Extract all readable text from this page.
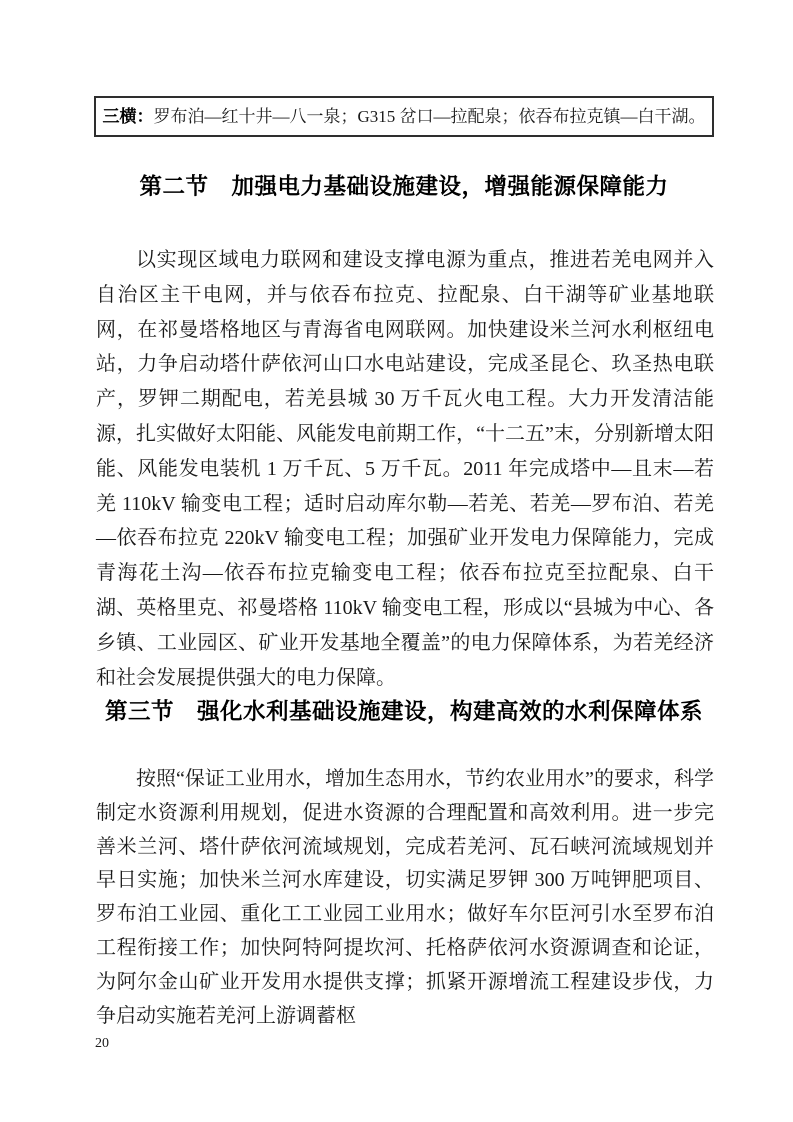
三横：罗布泊—红十井—八一泉；G315 岔口—拉配泉；依吞布拉克镇—白干湖。
第二节　加强电力基础设施建设，增强能源保障能力

以实现区域电力联网和建设支撑电源为重点，推进若羌电网并入自治区主干电网，并与依吞布拉克、拉配泉、白干湖等矿业基地联网，在祁曼塔格地区与青海省电网联网。加快建设米兰河水利枢纽电站，力争启动塔什萨依河山口水电站建设，完成圣昆仑、玖圣热电联产，罗钾二期配电，若羌县城 30 万千瓦火电工程。大力开发清洁能源，扎实做好太阳能、风能发电前期工作，“十二五”末，分别新增太阳能、风能发电装机 1 万千瓦、5 万千瓦。2011 年完成塔中—且末—若羌 110kV 输变电工程；适时启动库尔勒—若羌、若羌—罗布泊、若羌—依吞布拉克 220kV 输变电工程；加强矿业开发电力保障能力，完成青海花土沟—依吞布拉克输变电工程；依吞布拉克至拉配泉、白干湖、英格里克、祁曼塔格 110kV 输变电工程，形成以“县城为中心、各乡镇、工业园区、矿业开发基地全覆盖”的电力保障体系，为若羌经济和社会发展提供强大的电力保障。

第三节　强化水利基础设施建设，构建高效的水利保障体系

按照“保证工业用水，增加生态用水，节约农业用水”的要求，科学制定水资源利用规划，促进水资源的合理配置和高效利用。进一步完善米兰河、塔什萨依河流域规划，完成若羌河、瓦石峡河流域规划并早日实施；加快米兰河水库建设，切实满足罗钾 300 万吨钾肥项目、罗布泊工业园、重化工工业园工业用水；做好车尔臣河引水至罗布泊工程衔接工作；加快阿特阿提坎河、托格萨依河水资源调查和论证，为阿尔金山矿业开发用水提供支撑；抓紧开源增流工程建设步伐，力争启动实施若羌河上游调蓄枢

20
